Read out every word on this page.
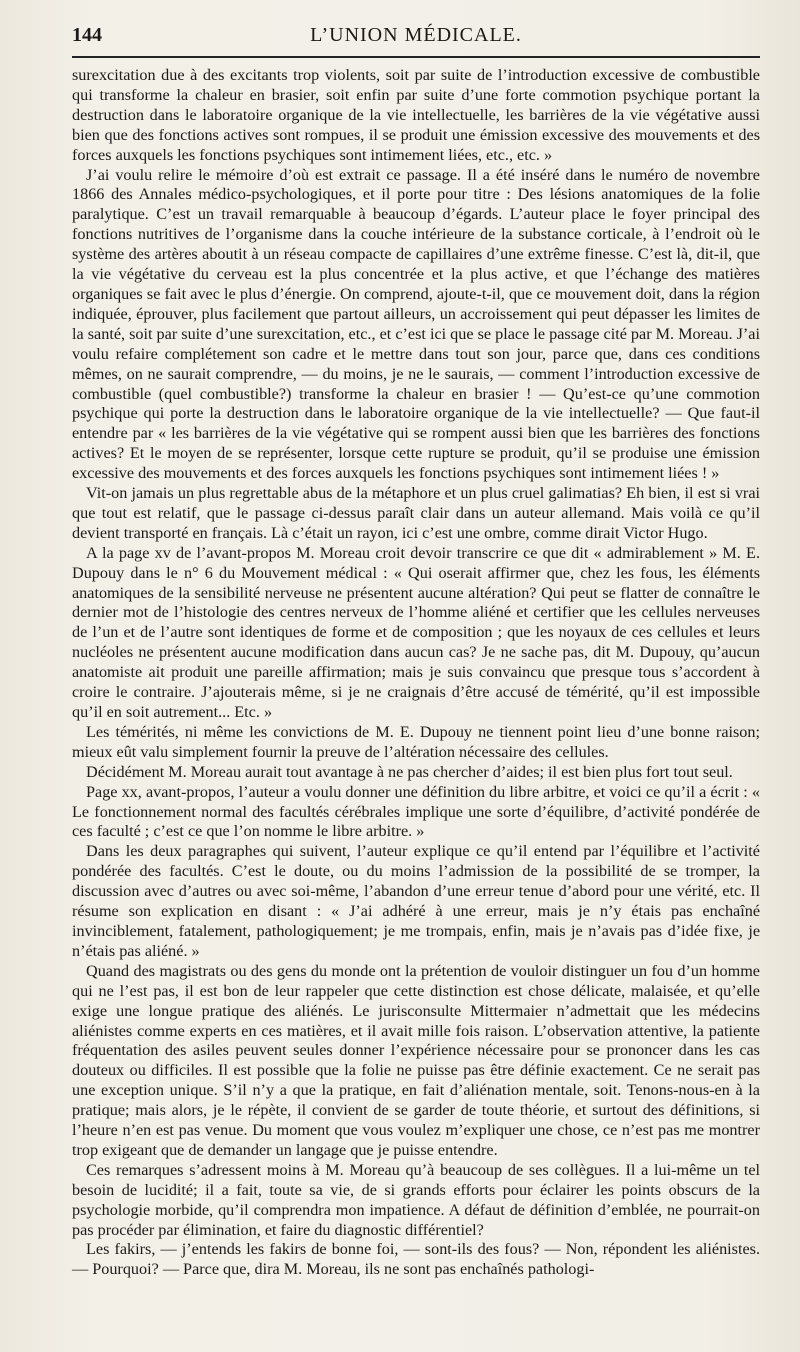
144	L’UNION MÉDICALE.

surexcitation due à des excitants trop violents, soit par suite de l’introduction excessive de combustible qui transforme la chaleur en brasier, soit enfin par suite d’une forte commotion psychique portant la destruction dans le laboratoire organique de la vie intellectuelle, les barrières de la vie végétative aussi bien que des fonctions actives sont rompues, il se produit une émission excessive des mouvements et des forces auxquels les fonctions psychiques sont intimement liées, etc., etc. »

J’ai voulu relire le mémoire d’où est extrait ce passage. Il a été inséré dans le numéro de novembre 1866 des Annales médico-psychologiques, et il porte pour titre : Des lésions anatomiques de la folie paralytique. C’est un travail remarquable à beaucoup d’égards. L’auteur place le foyer principal des fonctions nutritives de l’organisme dans la couche intérieure de la substance corticale, à l’endroit où le système des artères aboutit à un réseau compacte de capillaires d’une extrême finesse. C’est là, dit-il, que la vie végétative du cerveau est la plus concentrée et la plus active, et que l’échange des matières organiques se fait avec le plus d’énergie. On comprend, ajoute-t-il, que ce mouvement doit, dans la région indiquée, éprouver, plus facilement que partout ailleurs, un accroissement qui peut dépasser les limites de la santé, soit par suite d’une surexcitation, etc., et c’est ici que se place le passage cité par M. Moreau. J’ai voulu refaire complétement son cadre et le mettre dans tout son jour, parce que, dans ces conditions mêmes, on ne saurait comprendre, — du moins, je ne le saurais, — comment l’introduction excessive de combustible (quel combustible?) transforme la chaleur en brasier ! — Qu’est-ce qu’une commotion psychique qui porte la destruction dans le laboratoire organique de la vie intellectuelle? — Que faut-il entendre par « les barrières de la vie végétative qui se rompent aussi bien que les barrières des fonctions actives? Et le moyen de se représenter, lorsque cette rupture se produit, qu’il se produise une émission excessive des mouvements et des forces auxquels les fonctions psychiques sont intimement liées ! »

Vit-on jamais un plus regrettable abus de la métaphore et un plus cruel galimatias? Eh bien, il est si vrai que tout est relatif, que le passage ci-dessus paraît clair dans un auteur allemand. Mais voilà ce qu’il devient transporté en français. Là c’était un rayon, ici c’est une ombre, comme dirait Victor Hugo.

A la page xv de l’avant-propos M. Moreau croit devoir transcrire ce que dit « admirablement » M. E. Dupouy dans le n° 6 du Mouvement médical : « Qui oserait affirmer que, chez les fous, les éléments anatomiques de la sensibilité nerveuse ne présentent aucune altération? Qui peut se flatter de connaître le dernier mot de l’histologie des centres nerveux de l’homme aliéné et certifier que les cellules nerveuses de l’un et de l’autre sont identiques de forme et de composition ; que les noyaux de ces cellules et leurs nucléoles ne présentent aucune modification dans aucun cas? Je ne sache pas, dit M. Dupouy, qu’aucun anatomiste ait produit une pareille affirmation; mais je suis convaincu que presque tous s’accordent à croire le contraire. J’ajouterais même, si je ne craignais d’être accusé de témérité, qu’il est impossible qu’il en soit autrement... Etc. »

Les témérités, ni même les convictions de M. E. Dupouy ne tiennent point lieu d’une bonne raison; mieux eût valu simplement fournir la preuve de l’altération nécessaire des cellules.

Décidément M. Moreau aurait tout avantage à ne pas chercher d’aides; il est bien plus fort tout seul.

Page xx, avant-propos, l’auteur a voulu donner une définition du libre arbitre, et voici ce qu’il a écrit : « Le fonctionnement normal des facultés cérébrales implique une sorte d’équilibre, d’activité pondérée de ces faculté ; c’est ce que l’on nomme le libre arbitre. »

Dans les deux paragraphes qui suivent, l’auteur explique ce qu’il entend par l’équilibre et l’activité pondérée des facultés. C’est le doute, ou du moins l’admission de la possibilité de se tromper, la discussion avec d’autres ou avec soi-même, l’abandon d’une erreur tenue d’abord pour une vérité, etc. Il résume son explication en disant : « J’ai adhéré à une erreur, mais je n’y étais pas enchaîné invinciblement, fatalement, pathologiquement; je me trompais, enfin, mais je n’avais pas d’idée fixe, je n’étais pas aliéné. »

Quand des magistrats ou des gens du monde ont la prétention de vouloir distinguer un fou d’un homme qui ne l’est pas, il est bon de leur rappeler que cette distinction est chose délicate, malaisée, et qu’elle exige une longue pratique des aliénés. Le jurisconsulte Mittermaier n’admettait que les médecins aliénistes comme experts en ces matières, et il avait mille fois raison. L’observation attentive, la patiente fréquentation des asiles peuvent seules donner l’expérience nécessaire pour se prononcer dans les cas douteux ou difficiles. Il est possible que la folie ne puisse pas être définie exactement. Ce ne serait pas une exception unique. S’il n’y a que la pratique, en fait d’aliénation mentale, soit. Tenons-nous-en à la pratique; mais alors, je le répète, il convient de se garder de toute théorie, et surtout des définitions, si l’heure n’en est pas venue. Du moment que vous voulez m’expliquer une chose, ce n’est pas me montrer trop exigeant que de demander un langage que je puisse entendre.

Ces remarques s’adressent moins à M. Moreau qu’à beaucoup de ses collègues. Il a lui-même un tel besoin de lucidité; il a fait, toute sa vie, de si grands efforts pour éclairer les points obscurs de la psychologie morbide, qu’il comprendra mon impatience. A défaut de définition d’emblée, ne pourrait-on pas procéder par élimination, et faire du diagnostic différentiel?

Les fakirs, — j’entends les fakirs de bonne foi, — sont-ils des fous? — Non, répondent les aliénistes. — Pourquoi? — Parce que, dira M. Moreau, ils ne sont pas enchaînés pathologi-
